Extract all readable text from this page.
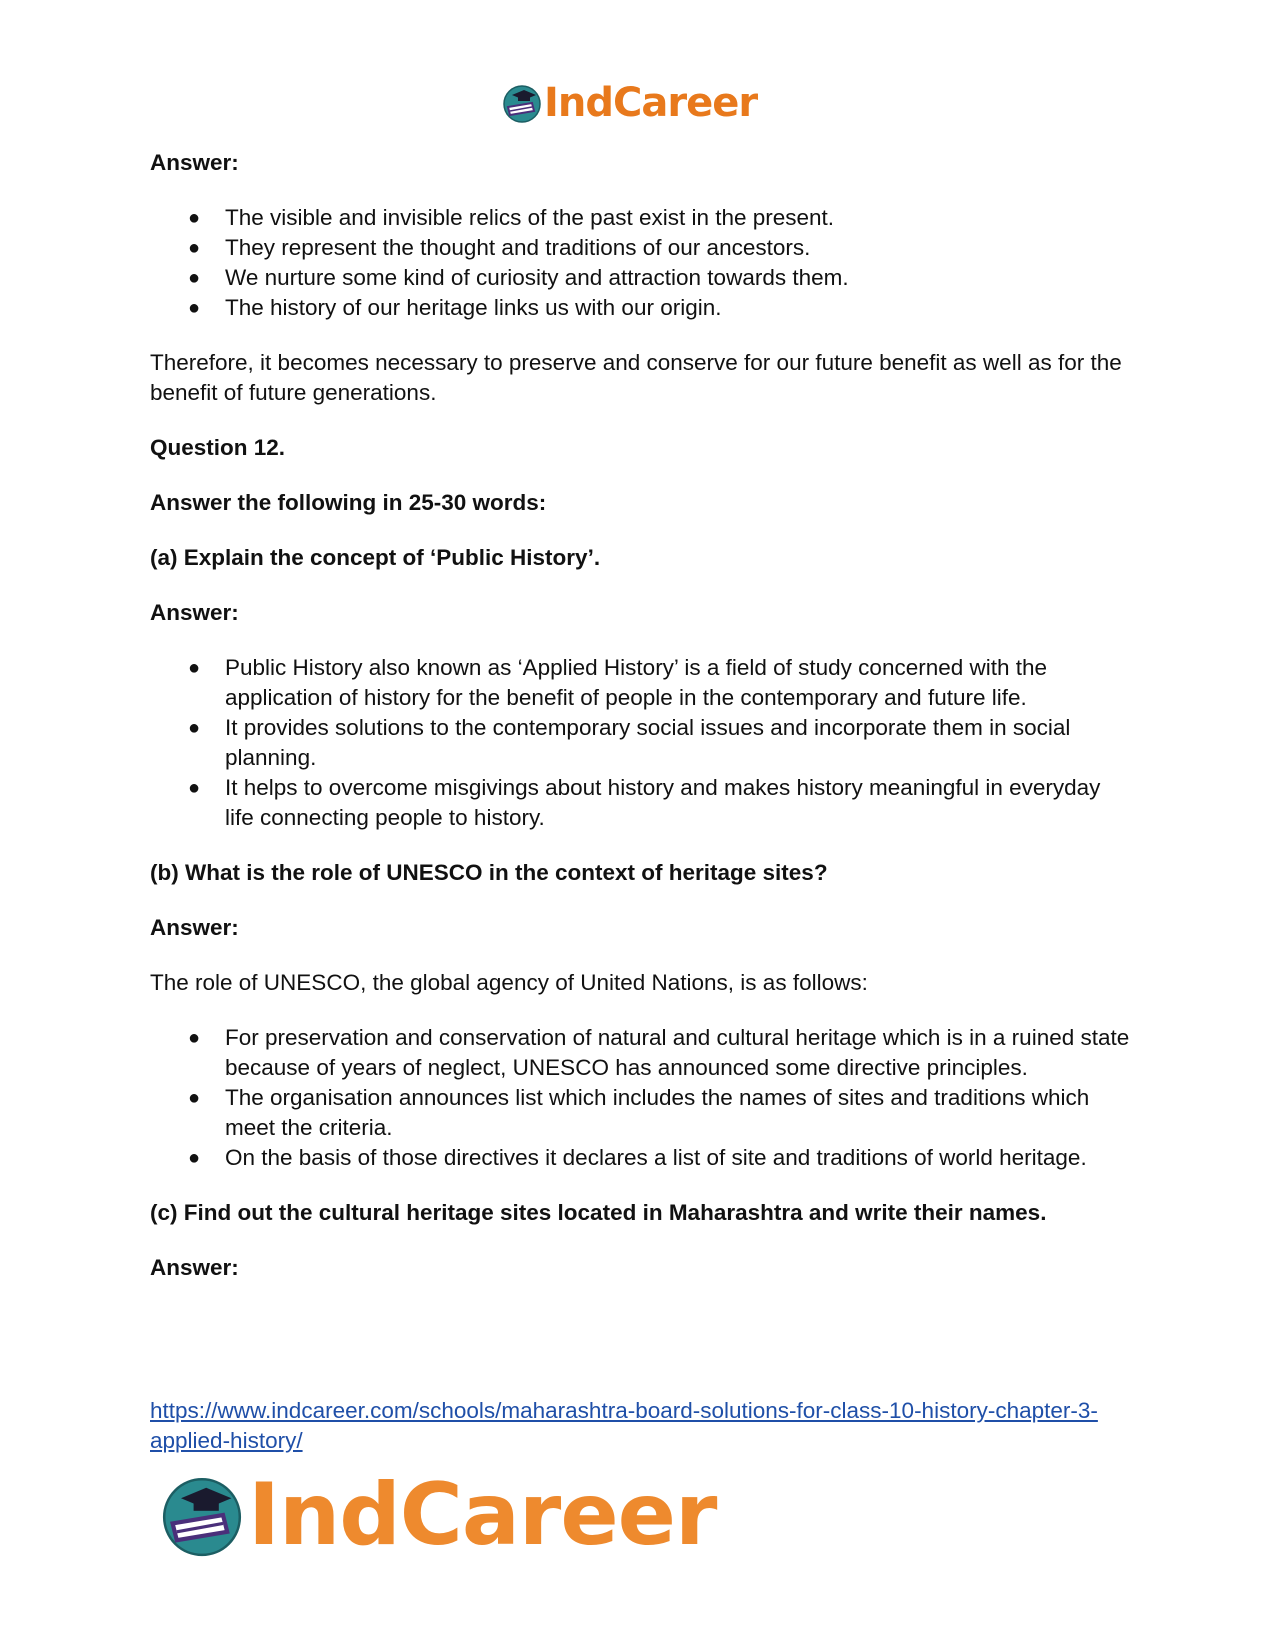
IndCareer

Answer:

● The visible and invisible relics of the past exist in the present.
● They represent the thought and traditions of our ancestors.
● We nurture some kind of curiosity and attraction towards them.
● The history of our heritage links us with our origin.

Therefore, it becomes necessary to preserve and conserve for our future benefit as well as for the benefit of future generations.

Question 12.

Answer the following in 25-30 words:

(a) Explain the concept of ‘Public History’.

Answer:

● Public History also known as ‘Applied History’ is a field of study concerned with the application of history for the benefit of people in the contemporary and future life.
● It provides solutions to the contemporary social issues and incorporate them in social planning.
● It helps to overcome misgivings about history and makes history meaningful in everyday life connecting people to history.

(b) What is the role of UNESCO in the context of heritage sites?

Answer:

The role of UNESCO, the global agency of United Nations, is as follows:

● For preservation and conservation of natural and cultural heritage which is in a ruined state because of years of neglect, UNESCO has announced some directive principles.
● The organisation announces list which includes the names of sites and traditions which meet the criteria.
● On the basis of those directives it declares a list of site and traditions of world heritage.

(c) Find out the cultural heritage sites located in Maharashtra and write their names.

Answer:

https://www.indcareer.com/schools/maharashtra-board-solutions-for-class-10-history-chapter-3-applied-history/
IndCareer
